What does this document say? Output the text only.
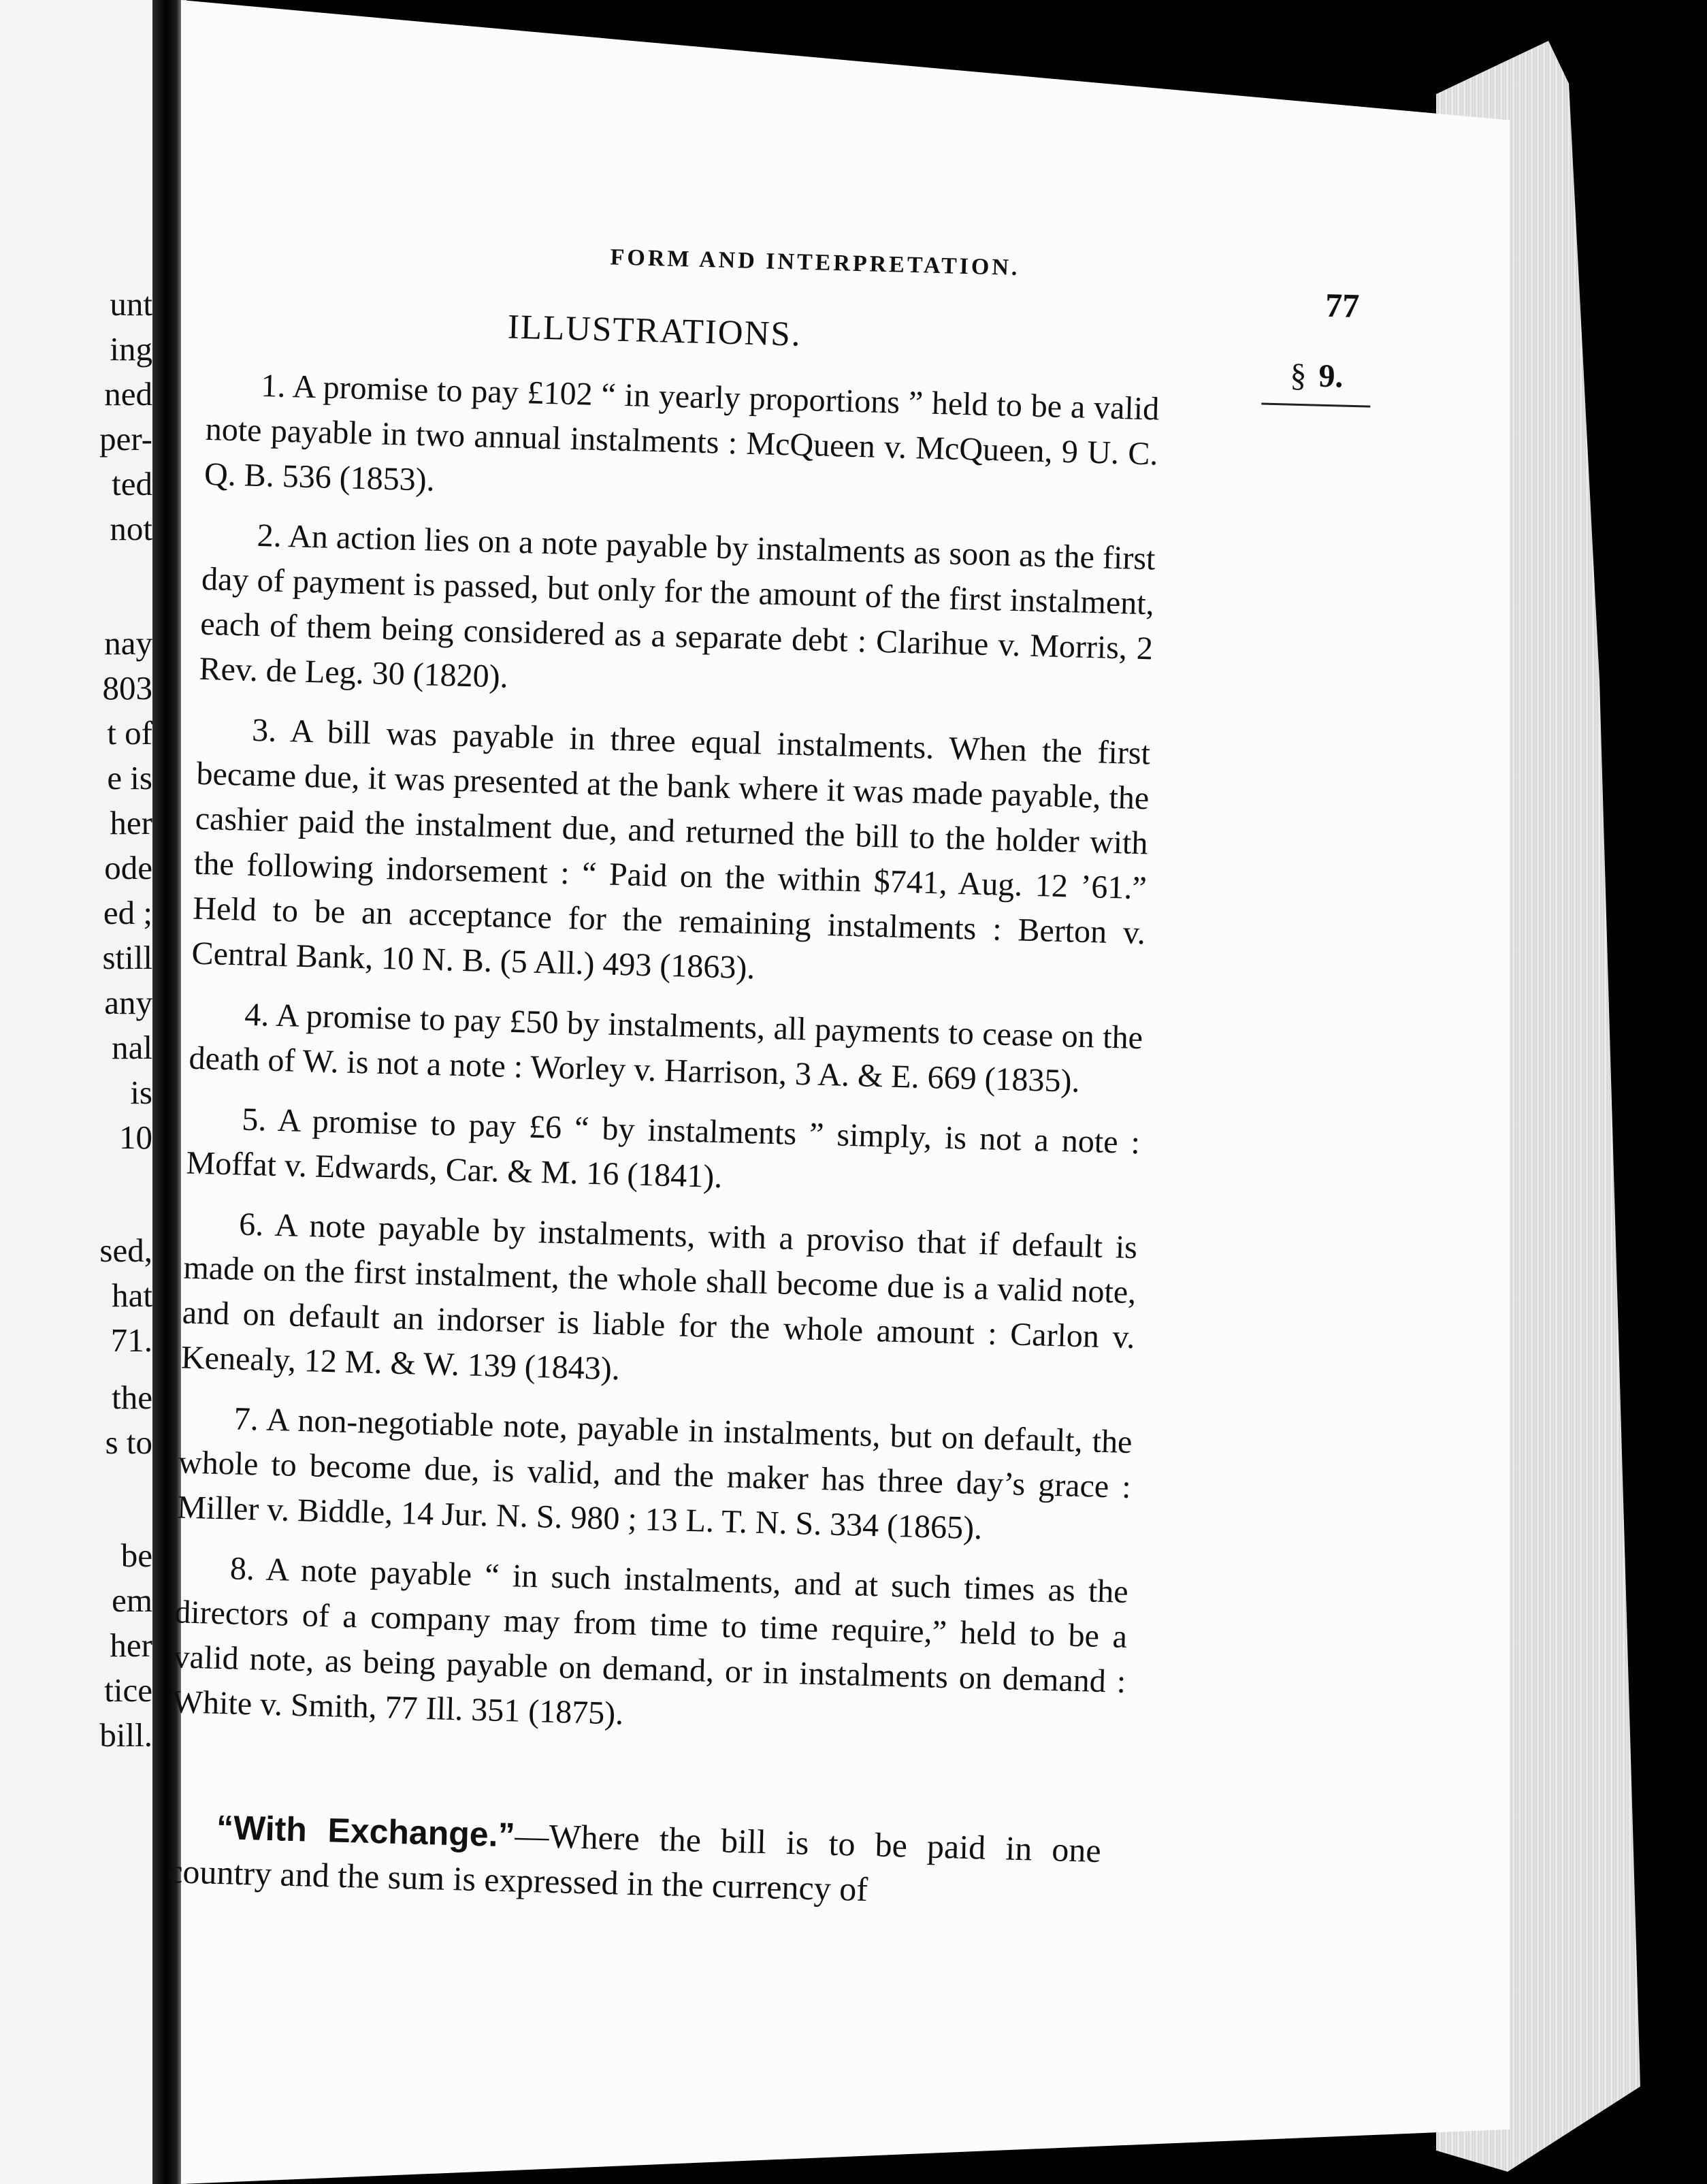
unt
ing
ned
per-
ted
not
nay
803
t of
e is
her
ode
ed ;
still
any
nal
is
10
sed,
hat
71.
the
s to
be
em
her
tice
bill.

FORM AND INTERPRETATION.

77

§ 9.

ILLUSTRATIONS.

1. A promise to pay £102 “ in yearly proportions ” held to be a valid note payable in two annual instalments : McQueen v. McQueen, 9 U. C. Q. B. 536 (1853).

2. An action lies on a note payable by instalments as soon as the first day of payment is passed, but only for the amount of the first instalment, each of them being considered as a separate debt : Clarihue v. Morris, 2 Rev. de Leg. 30 (1820).

3. A bill was payable in three equal instalments. When the first became due, it was presented at the bank where it was made payable, the cashier paid the instalment due, and returned the bill to the holder with the following indorsement : “ Paid on the within $741, Aug. 12 ’61.” Held to be an acceptance for the remaining instalments : Berton v. Central Bank, 10 N. B. (5 All.) 493 (1863).

4. A promise to pay £50 by instalments, all payments to cease on the death of W. is not a note : Worley v. Harrison, 3 A. & E. 669 (1835).

5. A promise to pay £6 “ by instalments ” simply, is not a note : Moffat v. Edwards, Car. & M. 16 (1841).

6. A note payable by instalments, with a proviso that if default is made on the first instalment, the whole shall become due is a valid note, and on default an indorser is liable for the whole amount : Carlon v. Kenealy, 12 M. & W. 139 (1843).

7. A non-negotiable note, payable in instalments, but on default, the whole to become due, is valid, and the maker has three day’s grace : Miller v. Biddle, 14 Jur. N. S. 980 ; 13 L. T. N. S. 334 (1865).

8. A note payable “ in such instalments, and at such times as the directors of a company may from time to time require,” held to be a valid note, as being payable on demand, or in instalments on demand : White v. Smith, 77 Ill. 351 (1875).

“With Exchange.”—Where the bill is to be paid in one country and the sum is expressed in the currency of
